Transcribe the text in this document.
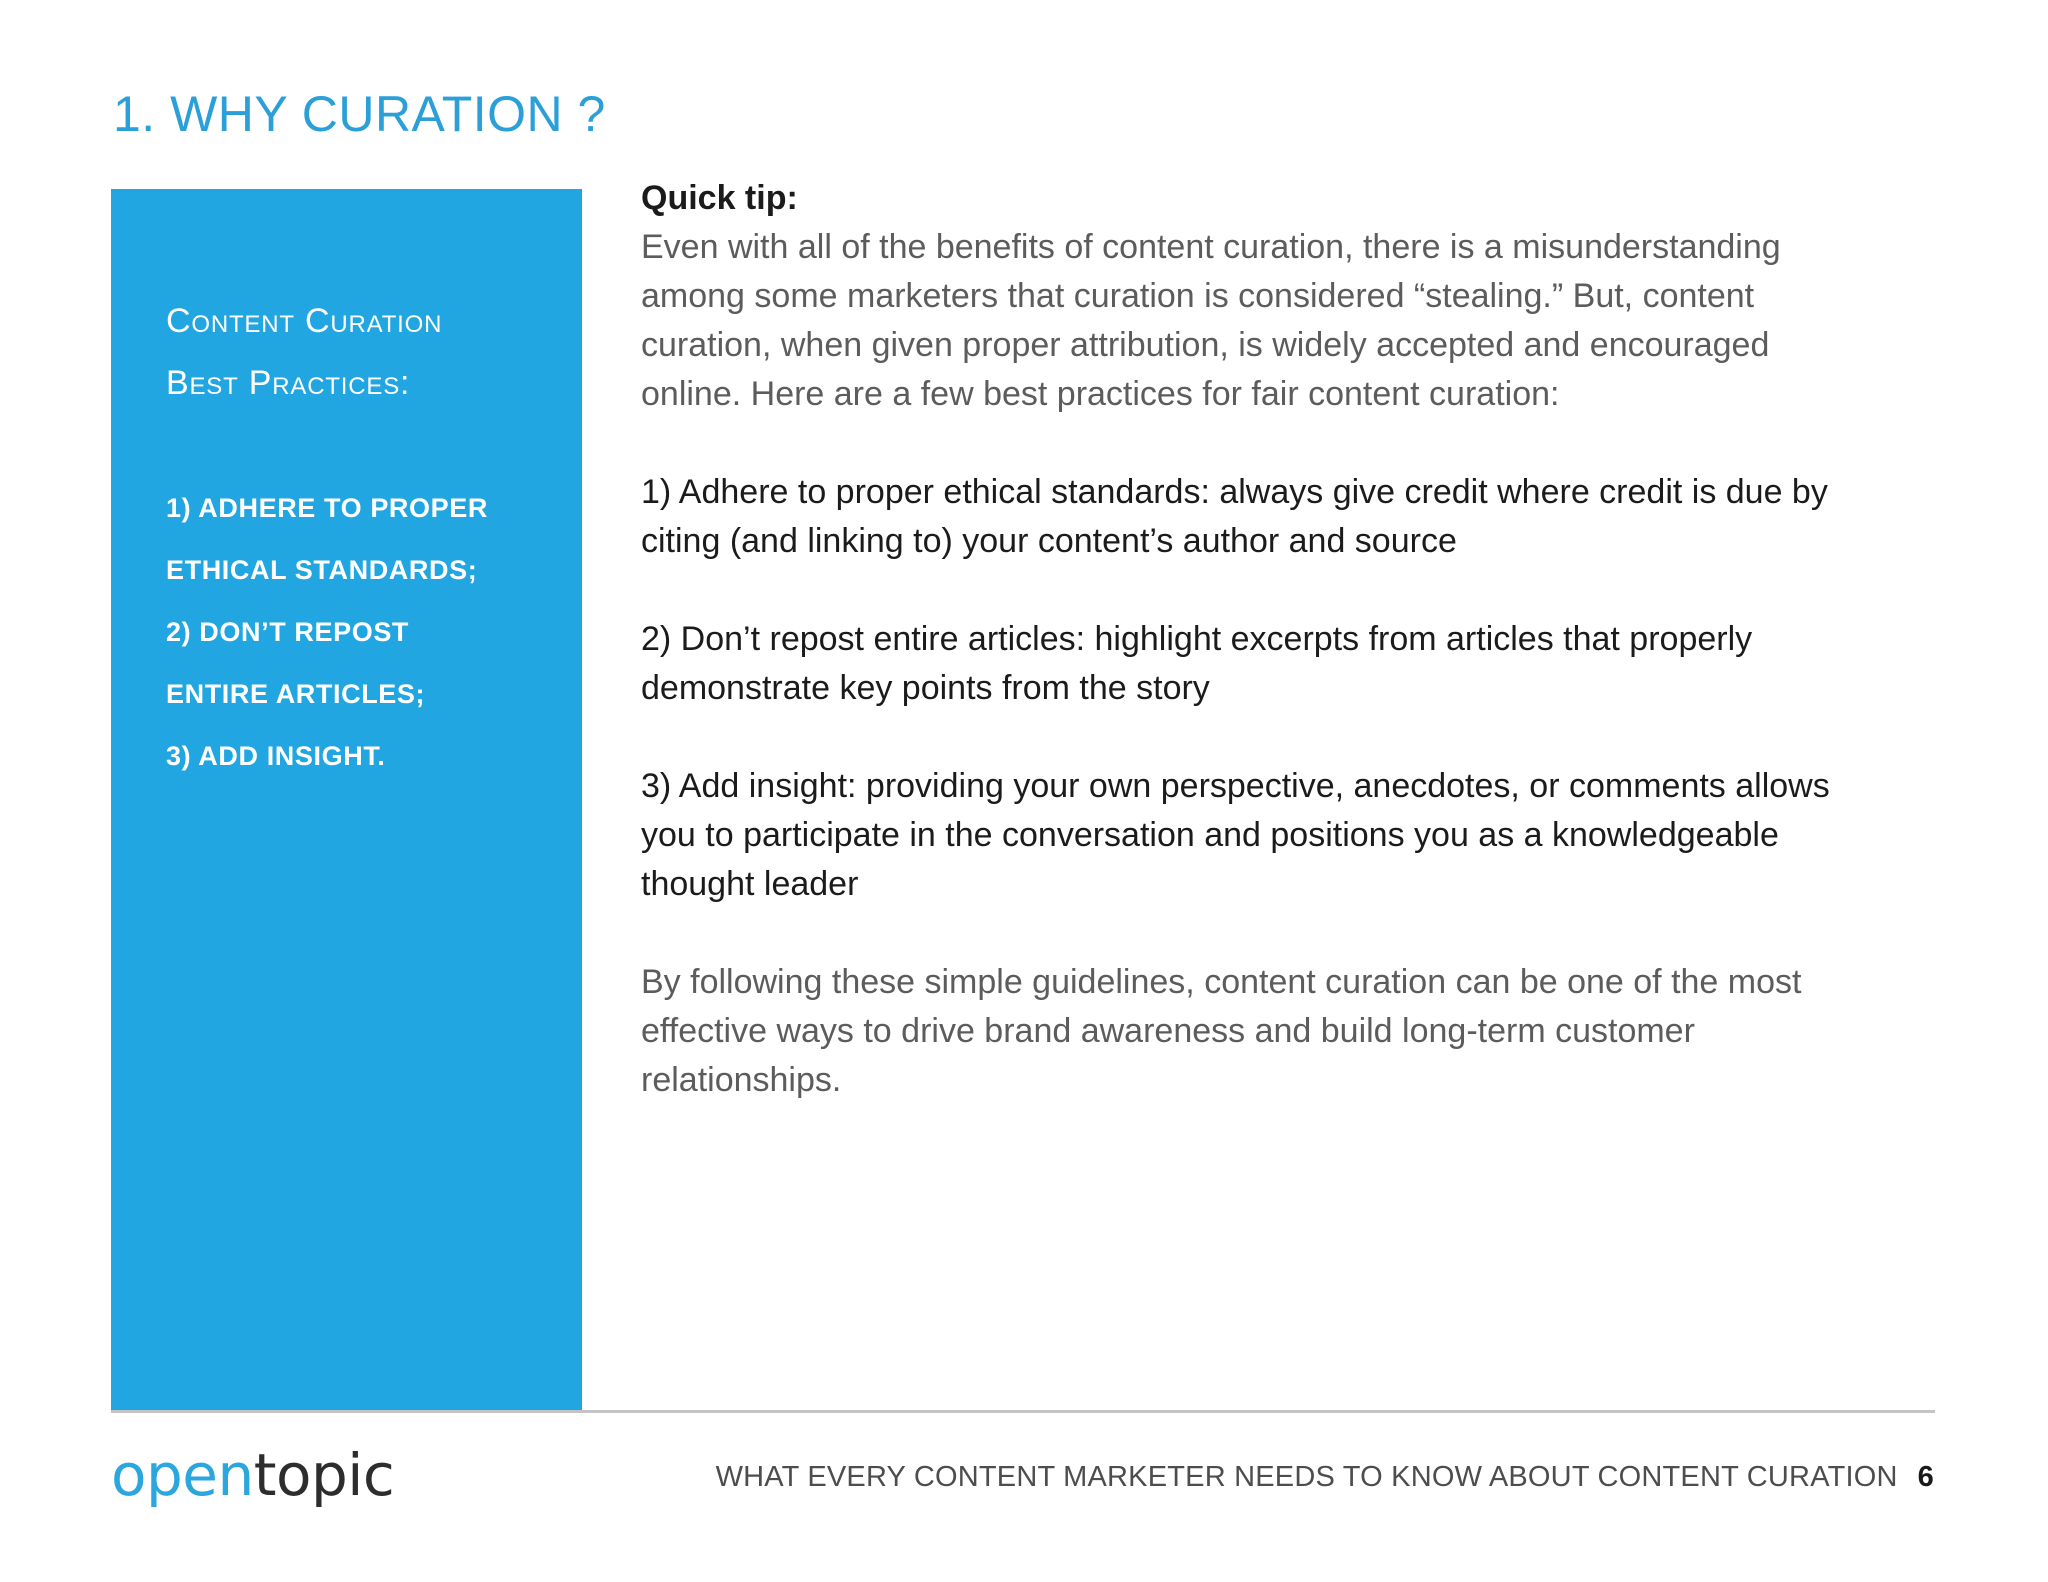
1. WHY CURATION ?
Content Curation
Best Practices:
1) ADHERE TO PROPER
ETHICAL STANDARDS;
2) DON’T REPOST
ENTIRE ARTICLES;
3) ADD INSIGHT.

Quick tip:

Even with all of the benefits of content curation, there is a misunderstanding

among some marketers that curation is considered “stealing.” But, content

curation, when given proper attribution, is widely accepted and encouraged

online. Here are a few best practices for fair content curation:

1) Adhere to proper ethical standards: always give credit where credit is due by

citing (and linking to) your content’s author and source

2) Don’t repost entire articles: highlight excerpts from articles that properly

demonstrate key points from the story

3) Add insight: providing your own perspective, anecdotes, or comments allows

you to participate in the conversation and positions you as a knowledgeable

thought leader

By following these simple guidelines, content curation can be one of the most

effective ways to drive brand awareness and build long-term customer

relationships.

opentopic	WHAT EVERY CONTENT MARKETER NEEDS TO KNOW ABOUT CONTENT CURATION 6
